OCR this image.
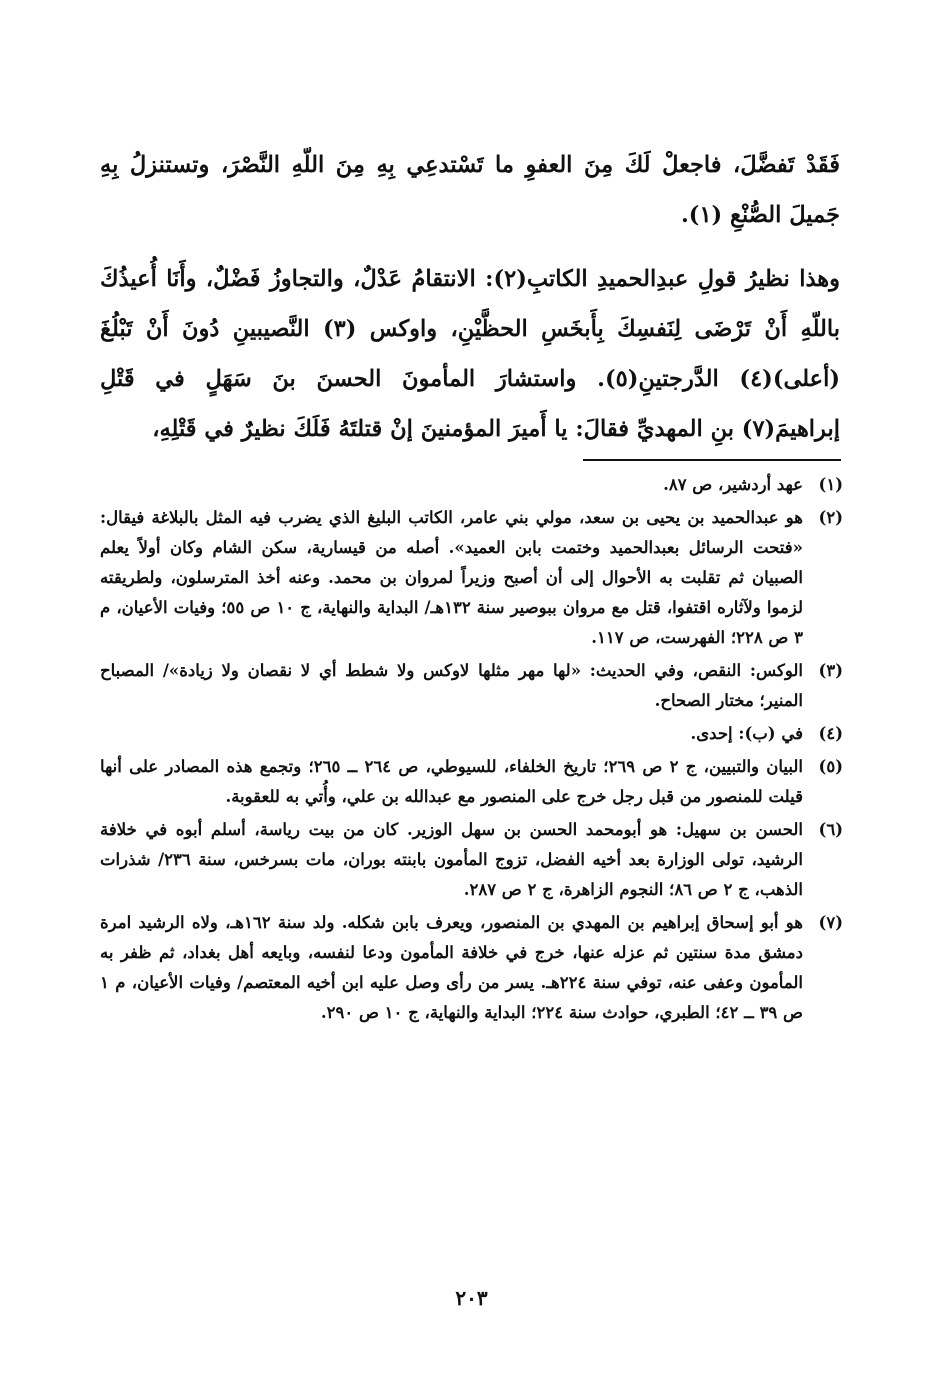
فَقَدْ تَفضَّلَ، فاجعلْ لَكَ مِنَ العفوِ ما تَسْتدعِي بِهِ مِنَ اللّهِ النَّصْرَ، وتستنزلُ بِهِ جَميلَ الصُّنْعِ (١).

وهذا نظيرُ قولِ عبدِالحميدِ الكاتبِ(٢): الانتقامُ عَدْلٌ، والتجاوزُ فَضْلٌ، وأَنَا أُعيذُكَ باللّهِ أَنْ تَرْضَى لِنَفسِكَ بِأَبخَسِ الحظَّيْنِ، واوكس (٣) النَّصيبينِ دُونَ أَنْ تَبْلُغَ (أعلى)(٤) الدَّرجتينِ(٥). واستشارَ المأمونَ الحسنَ بنَ سَهَلٍ في قَتْلِ إبراهيمَ(٧) بنِ المهديِّ فقالَ: يا أَميرَ المؤمنينَ إنْ قتلتَهُ فَلَكَ نظيرٌ في قَتْلِهِ،

(١)
عهد أردشير، ص ٨٧.
(٢)
هو عبدالحميد بن يحيى بن سعد، مولي بني عامر، الكاتب البليغ الذي يضرب فيه المثل بالبلاغة فيقال: «فتحت الرسائل بعبدالحميد وختمت بابن العميد». أصله من قيسارية، سكن الشام وكان أولاً يعلم الصبيان ثم تقلبت به الأحوال إلى أن أصبح وزيراً لمروان بن محمد. وعنه أخذ المترسلون، ولطريقته لزموا ولآثاره اقتفوا، قتل مع مروان ببوصير سنة ١٣٢هـ/ البداية والنهاية، ج ١٠ ص ٥٥؛ وفيات الأعيان، م ٣ ص ٢٢٨؛ الفهرست، ص ١١٧.
(٣)
الوكس: النقص، وفي الحديث: «لها مهر مثلها لاوكس ولا شطط أي لا نقصان ولا زيادة»/ المصباح المنير؛ مختار الصحاح.
(٤)
في (ب): إحدى.
(٥)
البيان والتبيين، ج ٢ ص ٢٦٩؛ تاريخ الخلفاء، للسيوطي، ص ٢٦٤ ــ ٢٦٥؛ وتجمع هذه المصادر على أنها قيلت للمنصور من قبل رجل خرج على المنصور مع عبدالله بن علي، وأُتي به للعقوبة.
(٦)
الحسن بن سهيل: هو أبومحمد الحسن بن سهل الوزير. كان من بيت رياسة، أسلم أبوه في خلافة الرشيد، تولى الوزارة بعد أخيه الفضل، تزوج المأمون بابنته بوران، مات بسرخس، سنة ٢٣٦/ شذرات الذهب، ج ٢ ص ٨٦؛ النجوم الزاهرة، ج ٢ ص ٢٨٧.
(٧)
هو أبو إسحاق إبراهيم بن المهدي بن المنصور، ويعرف بابن شكله. ولد سنة ١٦٢هـ، ولاه الرشيد امرة دمشق مدة سنتين ثم عزله عنها، خرج في خلافة المأمون ودعا لنفسه، وبايعه أهل بغداد، ثم ظفر به المأمون وعفى عنه، توفي سنة ٢٢٤هـ. يسر من رأى وصل عليه ابن أخيه المعتصم/ وفيات الأعيان، م ١ ص ٣٩ ــ ٤٢؛ الطبري، حوادث سنة ٢٢٤؛ البداية والنهاية، ج ١٠ ص ٢٩٠.
٢٠٣
